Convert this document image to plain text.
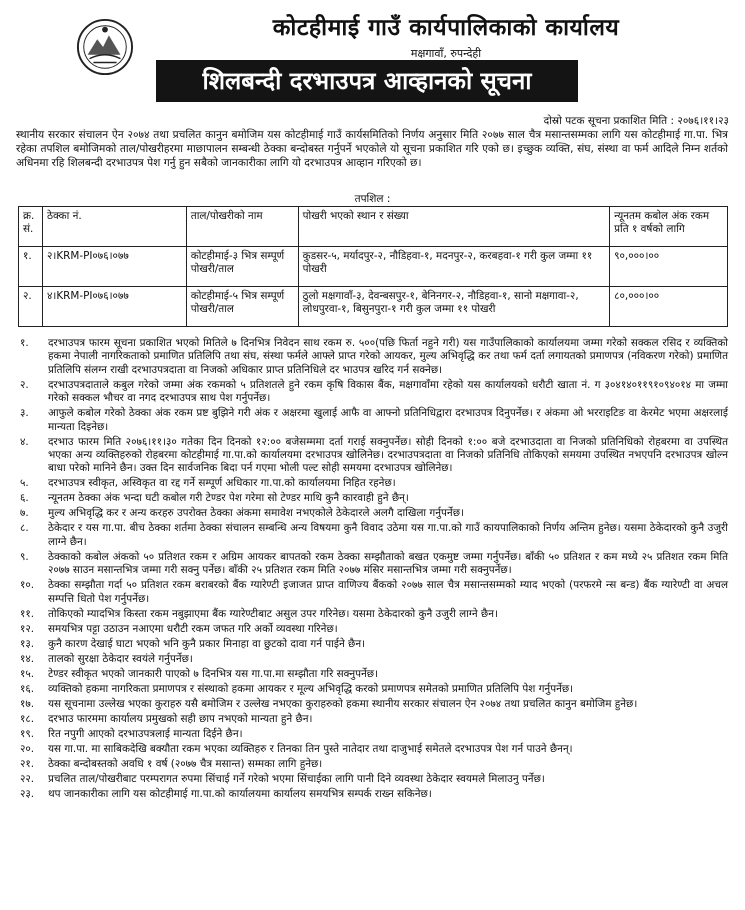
कोटहीमाई गाउँ कार्यपालिकाको कार्यालय
मक्षगावाँ, रुपन्देही
शिलबन्दी दरभाउपत्र आव्हानको सूचना
दोस्रो पटक सूचना प्रकाशित मिति : २०७६।११।२३

स्थानीय सरकार संचालन ऐन २०७४ तथा प्रचलित कानुन बमोजिम यस कोटहीमाई गाउँ कार्यसमितिको निर्णय अनुसार मिति २०७७ साल चैत्र मसान्तसम्मका लागि यस कोटहीमाई गा.पा. भित्र रहेका तपशिल बमोजिमको ताल/पोखरीहरमा माछापालन सम्बन्धी ठेक्का बन्दोबस्त गर्नुपर्ने भएकोले यो सूचना प्रकाशित गरि एको छ। इच्छुक व्यक्ति, संघ, संस्था वा फर्म आदिले निम्न शर्तको अधिनमा रहि शिलबन्दी दरभाउपत्र पेश गर्नु हुन सबैको जानकारीका लागि यो दरभाउपत्र आव्हान गरिएको छ।

तपशिल :
क्र. सं.	ठेक्का नं.	ताल/पोखरीको नाम	पोखरी भएको स्थान र संख्या	न्यूनतम कबोल अंक रकम प्रति १ वर्षको लागि
१.	२।KRM-PI०७६।०७७	कोटहीमाई-३ भित्र सम्पूर्ण पोखरी/ताल	कुडसर-५, मर्यादपुर-२, नौडिहवा-१, मदनपुर-२, करबहवा-१ गरी कुल जम्मा ११ पोखरी	९०,०००।००
२.	४।KRM-PI०७६।०७७	कोटहीमाई-५ भित्र सम्पूर्ण पोखरी/ताल	ठुलो मक्षगावाँ-३, देवन्बसपुर-१, बेनिनगर-२, नौडिहवा-१, सानो मक्षगावा-२, लोधपुरवा-१, बिसुनपुरा-१ गरी कुल जम्मा ११ पोखरी	८०,०००।००
१.	दरभाउपत्र फारम सूचना प्रकाशित भएको मितिले ७ दिनभित्र निवेदन साथ रकम रु. ५००(पछि फिर्ता नहुने गरी) यस गाउँपालिकाको कार्यालयमा जम्मा गरेको सक्कल रसिद र व्यक्तिको हकमा नेपाली नागरिकताको प्रमाणित प्रतिलिपि तथा संघ, संस्था फर्मले आफ्ले प्राप्त गरेको आयकर, मुल्य अभिवृद्धि कर तथा फर्म दर्ता लगायतको प्रमाणपत्र (नविकरण गरेको) प्रमाणित प्रतिलिपि संलग्न राखी दरभाउपत्रदाता वा निजको अधिकार प्राप्त प्रतिनिधिले दर भाउपत्र खरिद गर्न सक्नेछ।
२.	दरभाउपत्रदाताले कबुल गरेको जम्मा अंक रकमको ५ प्रतिशतले हुने रकम कृषि विकास बैंक, मक्षगावाँमा रहेको यस कार्यालयको धरौटी खाता नं. ग ३०४१४०११९१०९४०१४ मा जम्मा गरेको सक्कल भौचर वा नगद दरभाउपत्र साथ पेश गर्नुपर्नेछ।
३.	आफुले कबोल गरेको ठेक्का अंक रकम प्रष्ट बुझिने गरी अंक र अक्षरमा खुलाई आफै वा आफ्नो प्रतिनिधिद्वारा दरभाउपत्र दिनुपर्नेछ। र अंकमा ओ भरराइटिङ वा केरमेट भएमा अक्षरलाई मान्यता दिइनेछ।
४.	दरभाउ फारम मिति २०७६।११।३० गतेका दिन दिनको १२:०० बजेसम्ममा दर्ता गराई सक्नुपर्नेछ। सोही दिनको १:०० बजे दरभाउदाता वा निजको प्रतिनिधिको रोहबरमा वा उपस्थित भएका अन्य व्यक्तिहरुको रोहबरमा कोटहीमाई गा.पा.को कार्यालयमा दरभाउपत्र खोलिनेछ। दरभाउपत्रदाता वा निजको प्रतिनिधि तोकिएको समयमा उपस्थित नभएपनि दरभाउपत्र खोल्न बाधा परेको मानिने छैन। उक्त दिन सार्वजनिक बिदा पर्न गएमा भोली पल्ट सोही समयमा दरभाउपत्र खोलिनेछ।
५.	दरभाउपत्र स्वीकृत, अस्विकृत वा रद्द गर्ने सम्पूर्ण अधिकार गा.पा.को कार्यालयमा निहित रहनेछ।
६.	न्यूनतम ठेक्का अंक भन्दा घटी कबोल गरी टेण्डर पेश गरेमा सो टेण्डर माथि कुनै कारवाही हुने छैन्।
७.	मुल्य अभिवृद्धि कर र अन्य करहरु उपरोक्त ठेक्का अंकमा समावेश नभएकोले ठेकेदारले अलगै दाखिला गर्नुपर्नेछ।
८.	ठेकेदार र यस गा.पा. बीच ठेक्का शर्तमा ठेक्का संचालन सम्बन्धि अन्य विषयमा कुनै विवाद उठेमा यस गा.पा.को गाउँ कायपालिकाको निर्णय अन्तिम हुनेछ। यसमा ठेकेदारको कुनै उजुरी लाग्ने छैन।
९.	ठेक्काको कबोल अंकको ५० प्रतिशत रकम र अग्रिम आयकर बापतको रकम ठेक्का सम्झौताको बखत एकमुष्ट जम्मा गर्नुपर्नेछ। बाँकी ५० प्रतिशत र कम मध्ये २५ प्रतिशत रकम मिति २०७७ साउन मसान्तभित्र जम्मा गरी सक्नु पर्नेछ। बाँकी २५ प्रतिशत रकम मिति २०७७ मंसिर मसान्तभित्र जम्मा गरी सक्नुपर्नेछ।
१०.	ठेक्का सम्झौता गर्दा ५० प्रतिशत रकम बराबरको बैंक ग्यारेण्टी इजाजत प्राप्त वाणिज्य बैंकको २०७७ साल चैत्र मसान्तसम्मको म्याद भएको (परफरमे न्स बन्ड) बैंक ग्यारेण्टी वा अचल सम्पत्ति धितो पेश गर्नुपर्नेछ।
११.	तोकिएको म्यादभित्र किस्ता रकम नबुझाएमा बैंक ग्यारेण्टीबाट असुल उपर गरिनेछ। यसमा ठेकेदारको कुनै उजुरी लाग्ने छैन।
१२.	समयभित्र पट्टा उठाउन नआएमा धरौटी रकम जफत गरि अर्को व्यवस्था गरिनेछ।
१३.	कुनै कारण देखाई घाटा भएको भनि कुनै प्रकार मिनाहा वा छुटको दावा गर्न पाईने छैन।
१४.	तालको सुरक्षा ठेकेदार स्वयंले गर्नुपर्नेछ।
१५.	टेण्डर स्वीकृत भएको जानकारी पाएको ७ दिनभित्र यस गा.पा.मा सम्झौता गरि सक्नुपर्नेछ।
१६.	व्यक्तिको हकमा नागरिकता प्रमाणपत्र र संस्थाको हकमा आयकर र मूल्य अभिवृद्धि करको प्रमाणपत्र समेतको प्रमाणित प्रतिलिपि पेश गर्नुपर्नेछ।
१७.	यस सूचनामा उल्लेख भएका कुराहरु यसै बमोजिम र उल्लेख नभएका कुराहरुको हकमा स्थानीय सरकार संचालन ऐन २०७४ तथा प्रचलित कानुन बमोजिम हुनेछ।
१८.	दरभाउ फारममा कार्यालय प्रमुखको सही छाप नभएको मान्यता हुने छैन।
१९.	रित नपुगी आएको दरभाउपत्रलाई मान्यता दिईने छैन।
२०.	यस गा.पा. मा साबिकदेखि बक्यौता रकम भएका व्यक्तिहरु र तिनका तिन पुस्ते नातेदार तथा दाजुभाई समेतले दरभाउपत्र पेश गर्न पाउने छैनन्।
२१.	ठेक्का बन्दोबस्तको अवधि १ वर्ष (२०७७ चैत्र मसान्त) सम्मका लागि हुनेछ।
२२.	प्रचलित ताल/पोखरीबाट परम्परागत रुपमा सिंचाई गर्ने गरेको भएमा सिंचाईका लागि पानी दिने व्यवस्था ठेकेदार स्वयमले मिलाउनु पर्नेछ।
२३.	थप जानकारीका लागि यस कोटहीमाई गा.पा.को कार्यालयमा कार्यालय समयभित्र सम्पर्क राख्न सकिनेछ।
